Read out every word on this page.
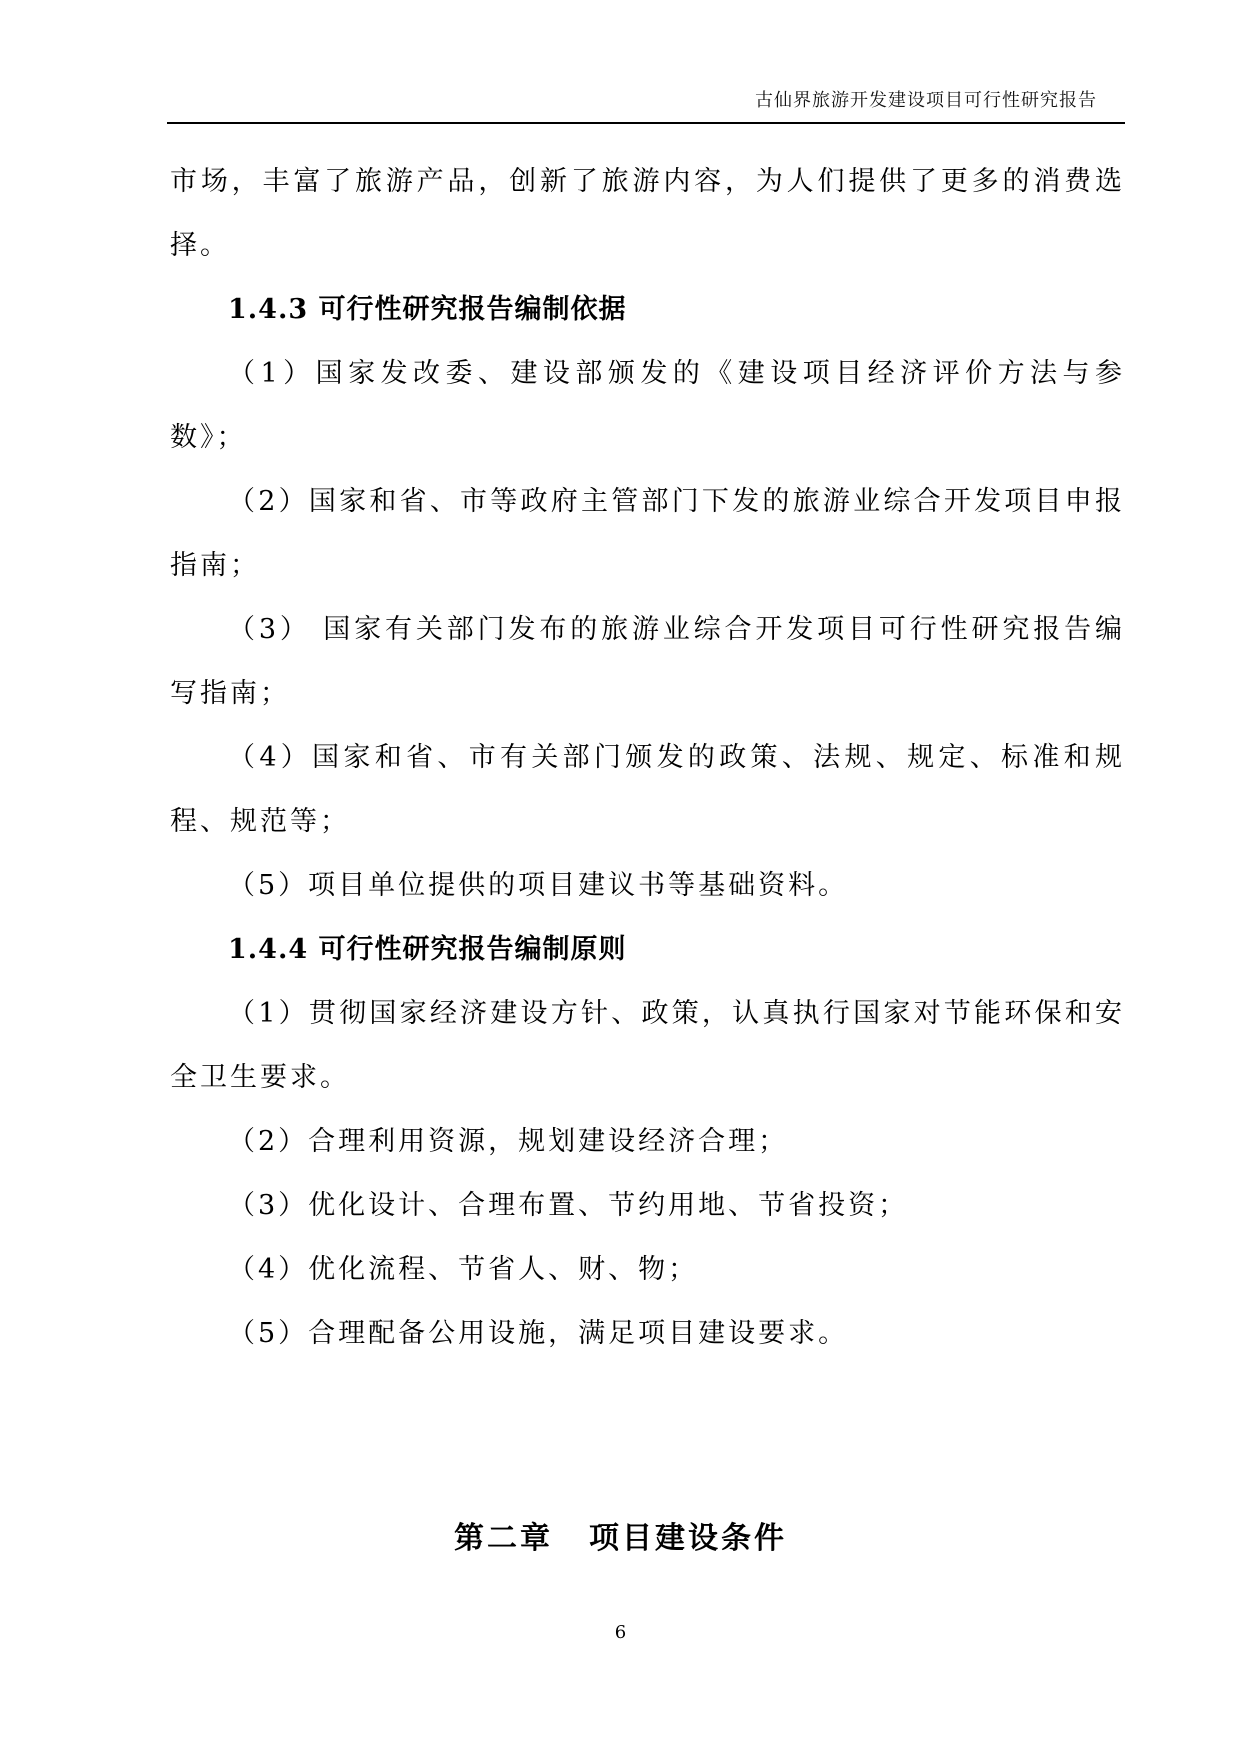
古仙界旅游开发建设项目可行性研究报告

市场，丰富了旅游产品，创新了旅游内容，为人们提供了更多的消费选择。

1.4.3 可行性研究报告编制依据

（1）国家发改委、建设部颁发的《建设项目经济评价方法与参数》；

（2）国家和省、市等政府主管部门下发的旅游业综合开发项目申报指南；

（3） 国家有关部门发布的旅游业综合开发项目可行性研究报告编写指南；

（4）国家和省、市有关部门颁发的政策、法规、规定、标准和规程、规范等；

（5）项目单位提供的项目建议书等基础资料。

1.4.4 可行性研究报告编制原则

（1）贯彻国家经济建设方针、政策，认真执行国家对节能环保和安全卫生要求。

（2）合理利用资源，规划建设经济合理；

（3）优化设计、合理布置、节约用地、节省投资；

（4）优化流程、节省人、财、物；

（5）合理配备公用设施，满足项目建设要求。

第二章 项目建设条件
6
